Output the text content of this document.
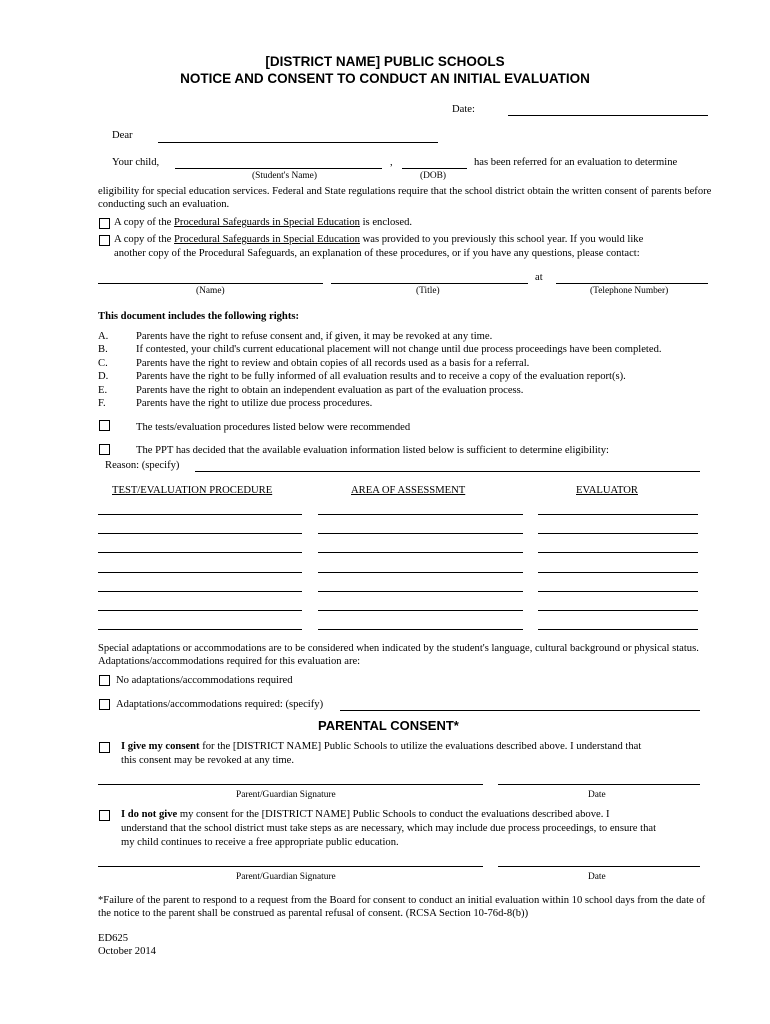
[DISTRICT NAME] PUBLIC SCHOOLS
NOTICE AND CONSENT TO CONDUCT AN INITIAL EVALUATION
Date:
Dear
Your child,	,	has been referred for an evaluation to determine
(Student's Name)	(DOB)
eligibility for special education services. Federal and State regulations require that the school district obtain the written consent of parents before conducting such an evaluation.
A copy of the Procedural Safeguards in Special Education is enclosed.
A copy of the Procedural Safeguards in Special Education was provided to you previously this school year. If you would like
another copy of the Procedural Safeguards, an explanation of these procedures, or if you have any questions, please contact:
at
(Name)	(Title)	(Telephone Number)
This document includes the following rights:
A.	Parents have the right to refuse consent and, if given, it may be revoked at any time.
B.	If contested, your child's current educational placement will not change until due process proceedings have been completed.
C.	Parents have the right to review and obtain copies of all records used as a basis for a referral.
D.	Parents have the right to be fully informed of all evaluation results and to receive a copy of the evaluation report(s).
E.	Parents have the right to obtain an independent evaluation as part of the evaluation process.
F.	Parents have the right to utilize due process procedures.
The tests/evaluation procedures listed below were recommended
The PPT has decided that the available evaluation information listed below is sufficient to determine eligibility:
Reason: (specify)
TEST/EVALUATION PROCEDURE	AREA OF ASSESSMENT	EVALUATOR
Special adaptations or accommodations are to be considered when indicated by the student's language, cultural background or physical status. Adaptations/accommodations required for this evaluation are:
No adaptations/accommodations required
Adaptations/accommodations required: (specify)
PARENTAL CONSENT*
I give my consent for the [DISTRICT NAME] Public Schools to utilize the evaluations described above. I understand that
this consent may be revoked at any time.
Parent/Guardian Signature	Date
I do not give my consent for the [DISTRICT NAME] Public Schools to conduct the evaluations described above. I
understand that the school district must take steps as are necessary, which may include due process proceedings, to ensure that
my child continues to receive a free appropriate public education.
Parent/Guardian Signature	Date
*Failure of the parent to respond to a request from the Board for consent to conduct an initial evaluation within 10 school days from the date of the notice to the parent shall be construed as parental refusal of consent. (RCSA Section 10-76d-8(b))
ED625
October 2014
